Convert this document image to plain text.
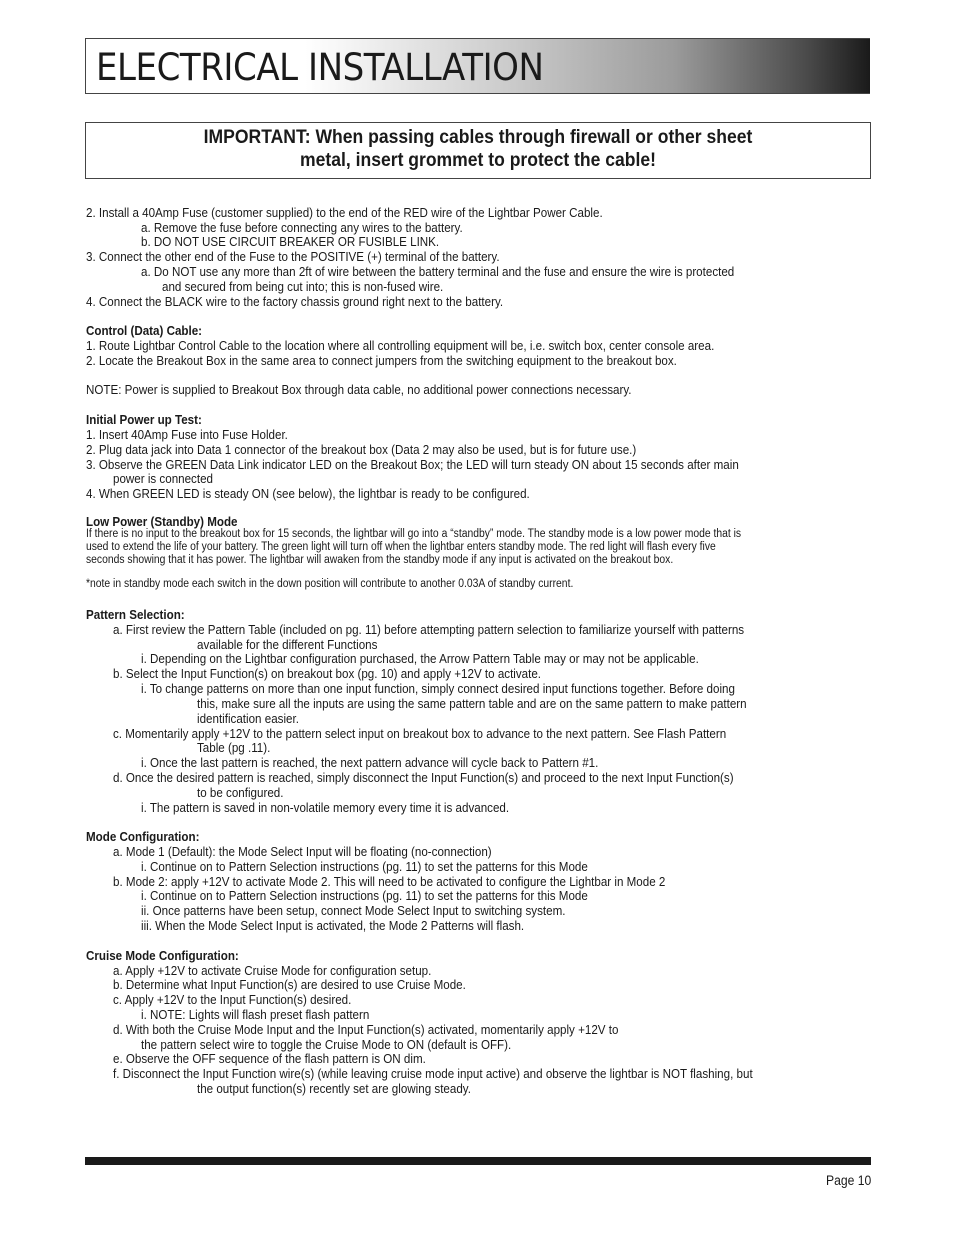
ELECTRICAL INSTALLATION
IMPORTANT: When passing cables through firewall or other sheet
metal, insert grommet to protect the cable!
2. Install a 40Amp Fuse (customer supplied) to the end of the RED wire of the Lightbar Power Cable.
a. Remove the fuse before connecting any wires to the battery.
b. DO NOT USE CIRCUIT BREAKER OR FUSIBLE LINK.
3. Connect the other end of the Fuse to the POSITIVE (+) terminal of the battery.
a. Do NOT use any more than 2ft of wire between the battery terminal and the fuse and ensure the wire is protected
and secured from being cut into; this is non-fused wire.
4. Connect the BLACK wire to the factory chassis ground right next to the battery.
Control (Data) Cable:
1. Route Lightbar Control Cable to the location where all controlling equipment will be, i.e. switch box, center console area.
2. Locate the Breakout Box in the same area to connect jumpers from the switching equipment to the breakout box.
NOTE: Power is supplied to Breakout Box through data cable, no additional power connections necessary.
Initial Power up Test:
1. Insert 40Amp Fuse into Fuse Holder.
2. Plug data jack into Data 1 connector of the breakout box (Data 2 may also be used, but is for future use.)
3. Observe the GREEN Data Link indicator LED on the Breakout Box; the LED will turn steady ON about 15 seconds after main
power is connected
4. When GREEN LED is steady ON (see below), the lightbar is ready to be configured.
Low Power (Standby) Mode
If there is no input to the breakout box for 15 seconds, the lightbar will go into a “standby” mode. The standby mode is a low power mode that is
used to extend the life of your battery. The green light will turn off when the lightbar enters standby mode. The red light will flash every five
seconds showing that it has power. The lightbar will awaken from the standby mode if any input is activated on the breakout box.
*note in standby mode each switch in the down position will contribute to another 0.03A of standby current.
Pattern Selection:
a. First review the Pattern Table (included on pg. 11) before attempting pattern selection to familiarize yourself with patterns
available for the different Functions
i. Depending on the Lightbar configuration purchased, the Arrow Pattern Table may or may not be applicable.
b. Select the Input Function(s) on breakout box (pg. 10) and apply +12V to activate.
i. To change patterns on more than one input function, simply connect desired input functions together. Before doing
this, make sure all the inputs are using the same pattern table and are on the same pattern to make pattern
identification easier.
c. Momentarily apply +12V to the pattern select input on breakout box to advance to the next pattern. See Flash Pattern
Table (pg .11).
i. Once the last pattern is reached, the next pattern advance will cycle back to Pattern #1.
d. Once the desired pattern is reached, simply disconnect the Input Function(s) and proceed to the next Input Function(s)
to be configured.
i. The pattern is saved in non-volatile memory every time it is advanced.
Mode Configuration:
a. Mode 1 (Default): the Mode Select Input will be floating (no-connection)
i. Continue on to Pattern Selection instructions (pg. 11) to set the patterns for this Mode
b. Mode 2: apply +12V to activate Mode 2. This will need to be activated to configure the Lightbar in Mode 2
i. Continue on to Pattern Selection instructions (pg. 11) to set the patterns for this Mode
ii. Once patterns have been setup, connect Mode Select Input to switching system.
iii. When the Mode Select Input is activated, the Mode 2 Patterns will flash.
Cruise Mode Configuration:
a. Apply +12V to activate Cruise Mode for configuration setup.
b. Determine what Input Function(s) are desired to use Cruise Mode.
c. Apply +12V to the Input Function(s) desired.
i. NOTE: Lights will flash preset flash pattern
d. With both the Cruise Mode Input and the Input Function(s) activated, momentarily apply +12V to
the pattern select wire to toggle the Cruise Mode to ON (default is OFF).
e. Observe the OFF sequence of the flash pattern is ON dim.
f. Disconnect the Input Function wire(s) (while leaving cruise mode input active) and observe the lightbar is NOT flashing, but
the output function(s) recently set are glowing steady.
Page 10
